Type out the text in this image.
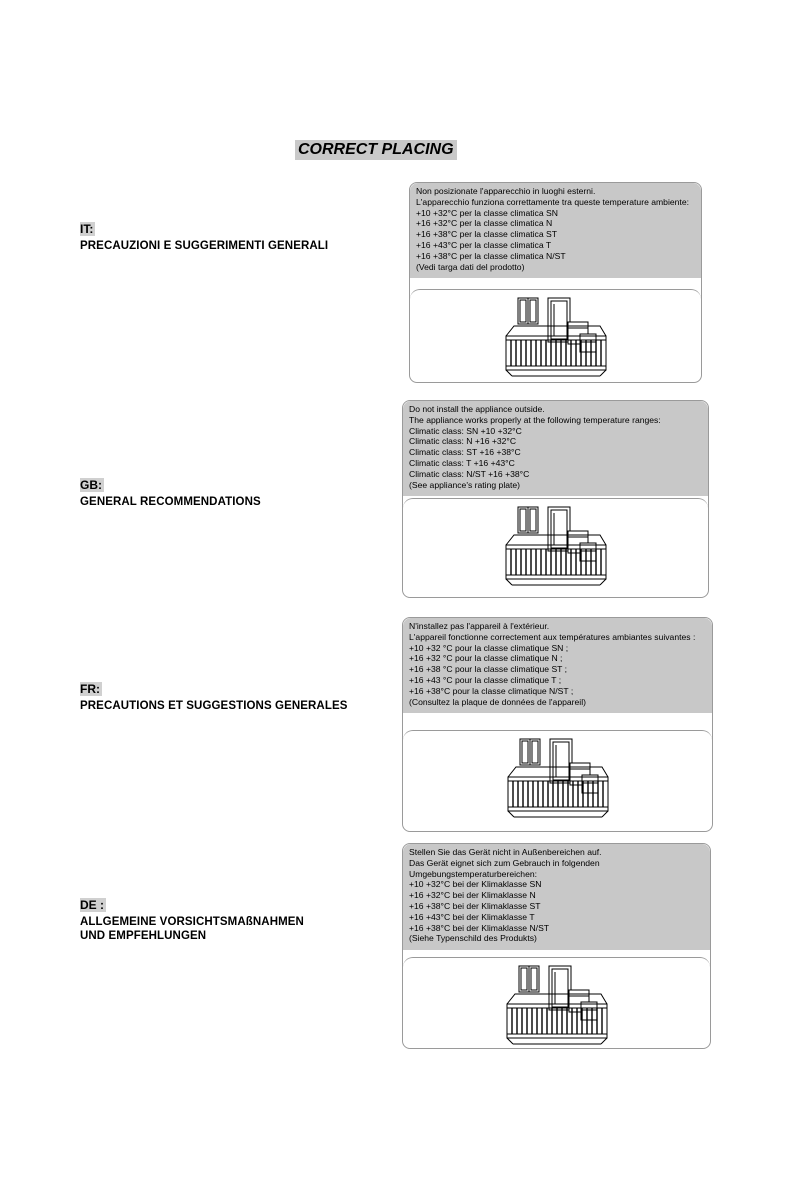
CORRECT PLACING
IT:
PRECAUZIONI E SUGGERIMENTI GENERALI
Non posizionate l'apparecchio in luoghi esterni.
L'apparecchio funziona correttamente tra queste temperature ambiente:
+10 +32°C per la classe climatica SN
+16 +32°C per la classe climatica N
+16 +38°C per la classe climatica ST
+16 +43°C per la classe climatica T
+16 +38°C per la classe climatica N/ST
(Vedi targa dati del prodotto)
GB:
GENERAL RECOMMENDATIONS
Do not install the appliance outside.
The appliance works properly at the following temperature ranges:
Climatic class: SN +10 +32°C
Climatic class: N +16 +32°C
Climatic class: ST +16 +38°C
Climatic class: T +16 +43°C
Climatic class: N/ST +16 +38°C
(See appliance's rating plate)
FR:
PRECAUTIONS ET SUGGESTIONS GENERALES
N'installez pas l'appareil à l'extérieur.
L'appareil fonctionne correctement aux températures ambiantes suivantes :
+10 +32 °C pour la classe climatique SN ;
+16 +32 °C pour la classe climatique N ;
+16 +38 °C pour la classe climatique ST ;
+16 +43 °C pour la classe climatique T ;
+16 +38°C pour la classe climatique N/ST ;
(Consultez la plaque de données de l'appareil)
DE :
ALLGEMEINE VORSICHTSMAßNAHMEN
UND EMPFEHLUNGEN
Stellen Sie das Gerät nicht in Außenbereichen auf.
Das Gerät eignet sich zum Gebrauch in folgenden
Umgebungstemperaturbereichen:
+10 +32°C bei der Klimaklasse SN
+16 +32°C bei der Klimaklasse N
+16 +38°C bei der Klimaklasse ST
+16 +43°C bei der Klimaklasse T
+16 +38°C bei der Klimaklasse N/ST
(Siehe Typenschild des Produkts)
